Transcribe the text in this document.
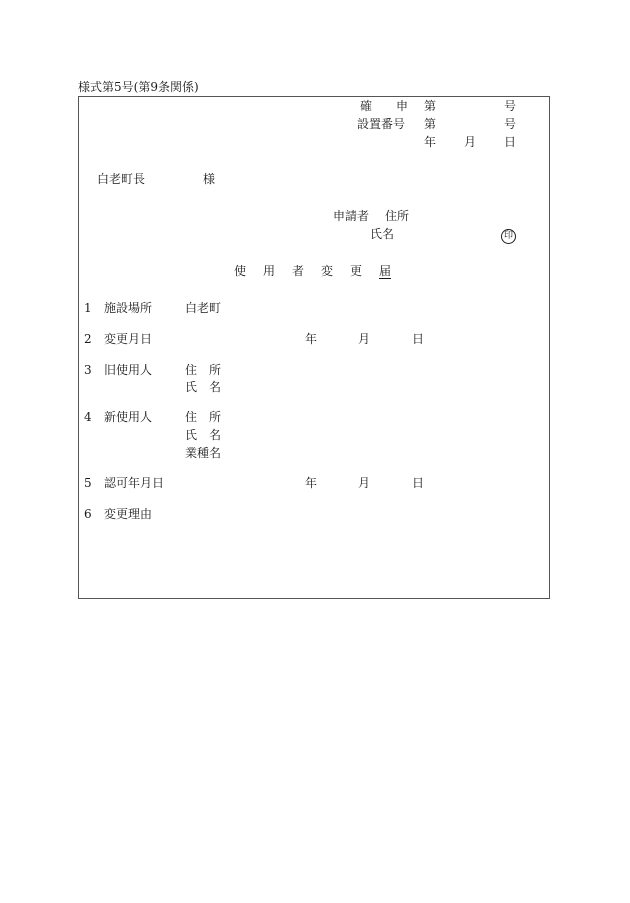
様式第5号(第9条関係)
確　　申 第	号
設置番号 第	号
年 月 日
白老町長	様
申請者 住所
氏名	印
使 用 者 変 更 届
1 施設場所	白老町
2 変更月日	年	月	日
3 旧使用人	住　所
氏　名
4 新使用人	住　所
氏　名
業種名
5 認可年月日	年	月	日
6 変更理由
